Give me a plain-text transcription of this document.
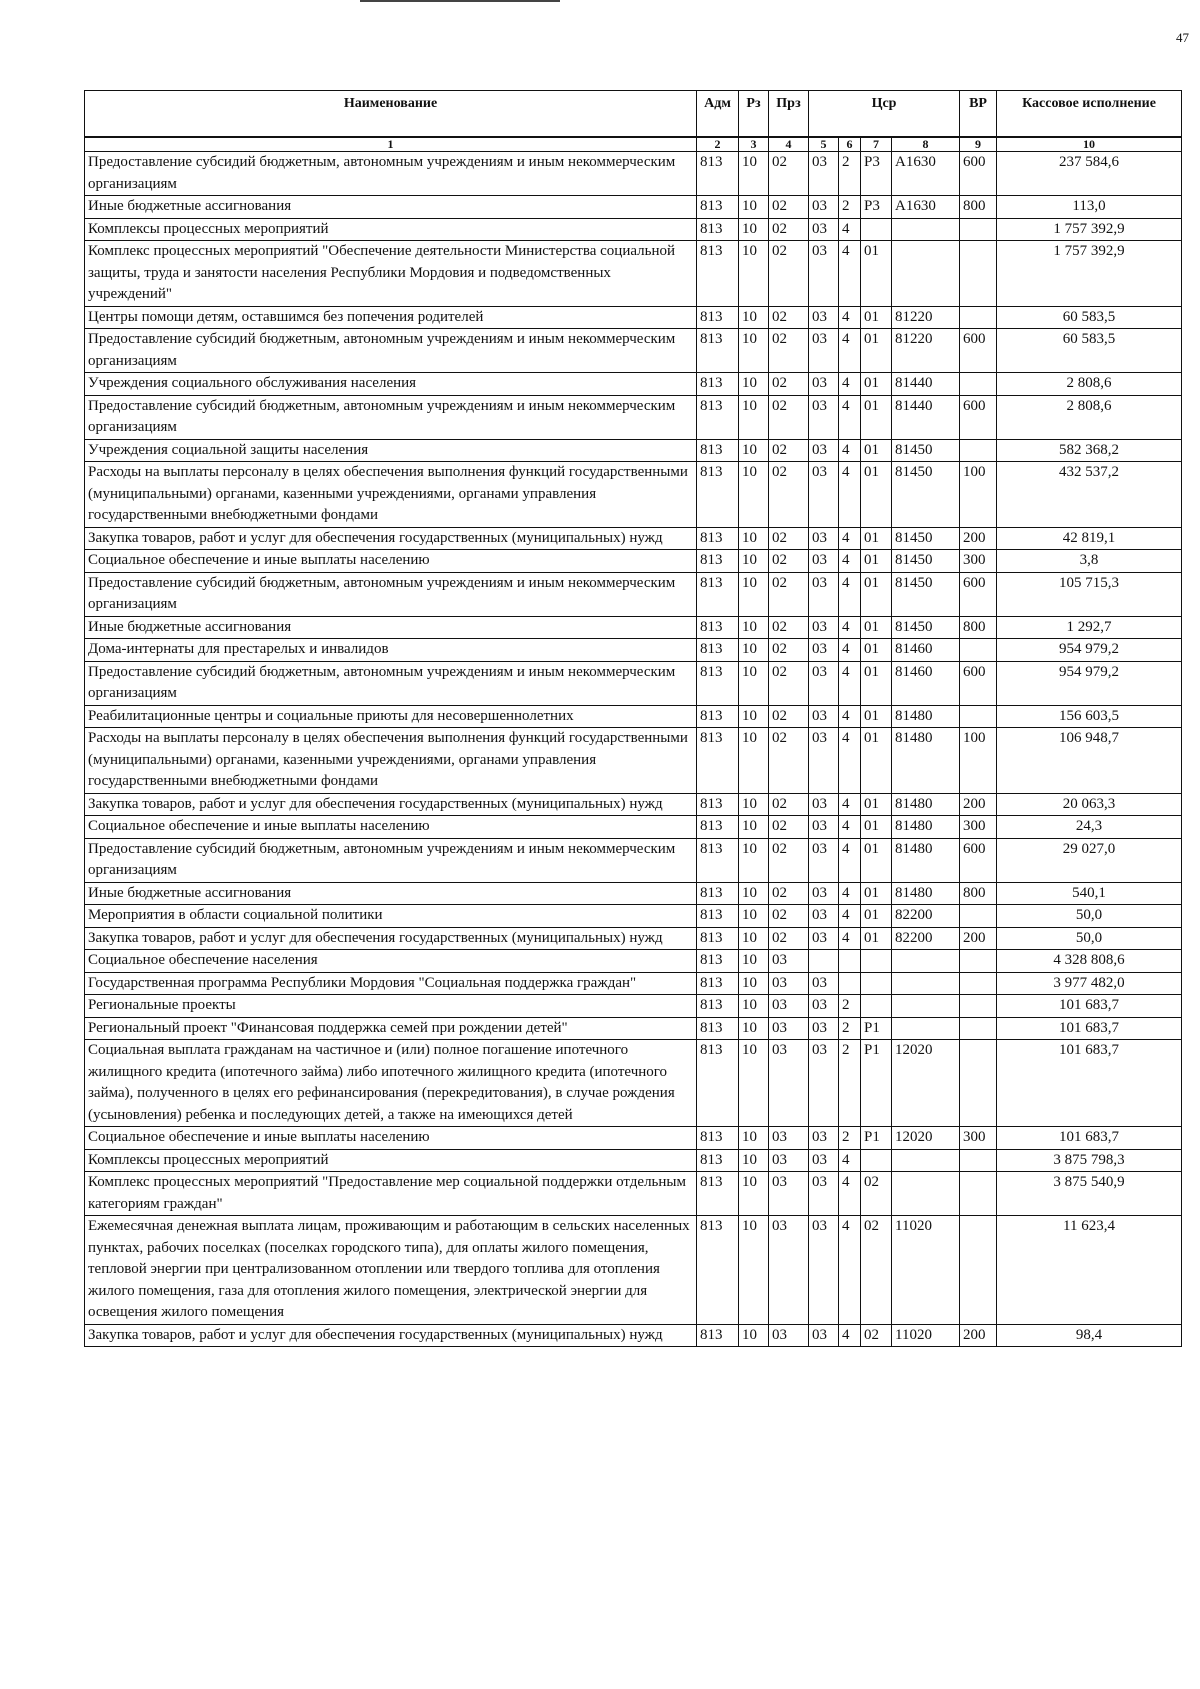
47
Наименование	Адм	Рз	Прз	Цср				ВР	Кассовое исполнение
1	2	3	4	5	6	7	8	9	10
Предоставление субсидий бюджетным, автономным учреждениям и иным некоммерческим организациям	813	10	02	03	2	Р3	А1630	600	237 584,6
Иные бюджетные ассигнования	813	10	02	03	2	Р3	А1630	800	113,0
Комплексы процессных мероприятий	813	10	02	03	4				1 757 392,9
Комплекс процессных мероприятий "Обеспечение деятельности Министерства социальной защиты, труда и занятости населения Республики Мордовия и подведомственных учреждений"	813	10	02	03	4	01			1 757 392,9
Центры помощи детям, оставшимся без попечения родителей	813	10	02	03	4	01	81220		60 583,5
Предоставление субсидий бюджетным, автономным учреждениям и иным некоммерческим организациям	813	10	02	03	4	01	81220	600	60 583,5
Учреждения социального обслуживания населения	813	10	02	03	4	01	81440		2 808,6
Предоставление субсидий бюджетным, автономным учреждениям и иным некоммерческим организациям	813	10	02	03	4	01	81440	600	2 808,6
Учреждения социальной защиты населения	813	10	02	03	4	01	81450		582 368,2
Расходы на выплаты персоналу в целях обеспечения выполнения функций государственными (муниципальными) органами, казенными учреждениями, органами управления государственными внебюджетными фондами	813	10	02	03	4	01	81450	100	432 537,2
Закупка товаров, работ и услуг для обеспечения государственных (муниципальных) нужд	813	10	02	03	4	01	81450	200	42 819,1
Социальное обеспечение и иные выплаты населению	813	10	02	03	4	01	81450	300	3,8
Предоставление субсидий бюджетным, автономным учреждениям и иным некоммерческим организациям	813	10	02	03	4	01	81450	600	105 715,3
Иные бюджетные ассигнования	813	10	02	03	4	01	81450	800	1 292,7
Дома-интернаты для престарелых и инвалидов	813	10	02	03	4	01	81460		954 979,2
Предоставление субсидий бюджетным, автономным учреждениям и иным некоммерческим организациям	813	10	02	03	4	01	81460	600	954 979,2
Реабилитационные центры и социальные приюты для несовершеннолетних	813	10	02	03	4	01	81480		156 603,5
Расходы на выплаты персоналу в целях обеспечения выполнения функций государственными (муниципальными) органами, казенными учреждениями, органами управления государственными внебюджетными фондами	813	10	02	03	4	01	81480	100	106 948,7
Закупка товаров, работ и услуг для обеспечения государственных (муниципальных) нужд	813	10	02	03	4	01	81480	200	20 063,3
Социальное обеспечение и иные выплаты населению	813	10	02	03	4	01	81480	300	24,3
Предоставление субсидий бюджетным, автономным учреждениям и иным некоммерческим организациям	813	10	02	03	4	01	81480	600	29 027,0
Иные бюджетные ассигнования	813	10	02	03	4	01	81480	800	540,1
Мероприятия в области социальной политики	813	10	02	03	4	01	82200		50,0
Закупка товаров, работ и услуг для обеспечения государственных (муниципальных) нужд	813	10	02	03	4	01	82200	200	50,0
Социальное обеспечение населения	813	10	03						4 328 808,6
Государственная программа Республики Мордовия "Социальная поддержка граждан"	813	10	03	03					3 977 482,0
Региональные проекты	813	10	03	03	2				101 683,7
Региональный проект "Финансовая поддержка семей при рождении детей"	813	10	03	03	2	Р1			101 683,7
Социальная выплата гражданам на частичное и (или) полное погашение ипотечного жилищного кредита (ипотечного займа) либо ипотечного жилищного кредита (ипотечного займа), полученного в целях его рефинансирования (перекредитования), в случае рождения (усыновления) ребенка и последующих детей, а также на имеющихся детей	813	10	03	03	2	Р1	12020		101 683,7
Социальное обеспечение и иные выплаты населению	813	10	03	03	2	Р1	12020	300	101 683,7
Комплексы процессных мероприятий	813	10	03	03	4				3 875 798,3
Комплекс процессных мероприятий "Предоставление мер социальной поддержки отдельным категориям граждан"	813	10	03	03	4	02			3 875 540,9
Ежемесячная денежная выплата лицам, проживающим и работающим в сельских населенных пунктах, рабочих поселках (поселках городского типа), для оплаты жилого помещения, тепловой энергии при централизованном отоплении или твердого топлива для отопления жилого помещения, газа для отопления жилого помещения, электрической энергии для освещения жилого помещения	813	10	03	03	4	02	11020		11 623,4
Закупка товаров, работ и услуг для обеспечения государственных (муниципальных) нужд	813	10	03	03	4	02	11020	200	98,4
